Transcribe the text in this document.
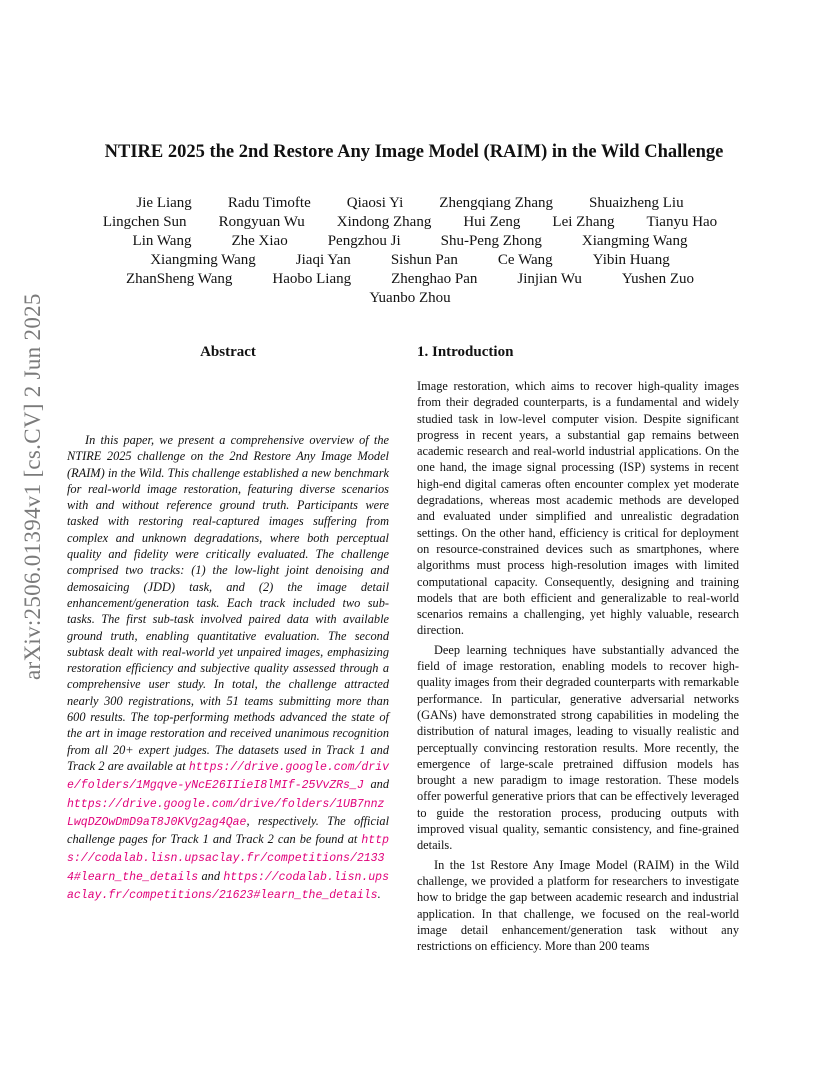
arXiv:2506.01394v1 [cs.CV] 2 Jun 2025
NTIRE 2025 the 2nd Restore Any Image Model (RAIM) in the Wild Challenge
Jie Liang Radu Timofte Qiaosi Yi Zhengqiang Zhang Shuaizheng Liu
Lingchen Sun Rongyuan Wu Xindong Zhang Hui Zeng Lei Zhang Tianyu Hao
Lin Wang	Zhe Xiao	Pengzhou Ji	Shu-Peng Zhong	Xiangming Wang
Xiangming Wang	Jiaqi Yan	Sishun Pan	Ce Wang	Yibin Huang
ZhanSheng Wang	Haobo Liang	Zhenghao Pan	Jinjian Wu	Yushen Zuo
Yuanbo Zhou
Abstract

In this paper, we present a comprehensive overview of the NTIRE 2025 challenge on the 2nd Restore Any Image Model (RAIM) in the Wild. This challenge established a new benchmark for real-world image restoration, featuring diverse scenarios with and without reference ground truth. Participants were tasked with restoring real-captured images suffering from complex and unknown degradations, where both perceptual quality and fidelity were critically evaluated. The challenge comprised two tracks: (1) the low-light joint denoising and demosaicing (JDD) task, and (2) the image detail enhancement/generation task. Each track included two sub-tasks. The first sub-task involved paired data with available ground truth, enabling quantitative evaluation. The second subtask dealt with real-world yet unpaired images, emphasizing restoration efficiency and subjective quality assessed through a comprehensive user study. In total, the challenge attracted nearly 300 registrations, with 51 teams submitting more than 600 results. The top-performing methods advanced the state of the art in image restoration and received unanimous recognition from all 20+ expert judges. The datasets used in Track 1 and Track 2 are available at https://drive.google.com/drive/folders/1Mgqve-yNcE26IIieI8lMIf-25VvZRs_J and https://drive.google.com/drive/folders/1UB7nnzLwqDZOwDmD9aT8J0KVg2ag4Qae, respectively. The official challenge pages for Track 1 and Track 2 can be found at https://codalab.lisn.upsaclay.fr/competitions/21334#learn_the_details and https://codalab.lisn.upsaclay.fr/competitions/21623#learn_the_details.

1. Introduction

Image restoration, which aims to recover high-quality images from their degraded counterparts, is a fundamental and widely studied task in low-level computer vision. Despite significant progress in recent years, a substantial gap remains between academic research and real-world industrial applications. On the one hand, the image signal processing (ISP) systems in recent high-end digital cameras often encounter complex yet moderate degradations, whereas most academic methods are developed and evaluated under simplified and unrealistic degradation settings. On the other hand, efficiency is critical for deployment on resource-constrained devices such as smartphones, where algorithms must process high-resolution images with limited computational capacity. Consequently, designing and training models that are both efficient and generalizable to real-world scenarios remains a challenging, yet highly valuable, research direction.

Deep learning techniques have substantially advanced the field of image restoration, enabling models to recover high-quality images from their degraded counterparts with remarkable performance. In particular, generative adversarial networks (GANs) have demonstrated strong capabilities in modeling the distribution of natural images, leading to visually realistic and perceptually convincing restoration results. More recently, the emergence of large-scale pretrained diffusion models has brought a new paradigm to image restoration. These models offer powerful generative priors that can be effectively leveraged to guide the restoration process, producing outputs with improved visual quality, semantic consistency, and fine-grained details.

In the 1st Restore Any Image Model (RAIM) in the Wild challenge, we provided a platform for researchers to investigate how to bridge the gap between academic research and industrial application. In that challenge, we focused on the real-world image detail enhancement/generation task without any restrictions on efficiency. More than 200 teams
